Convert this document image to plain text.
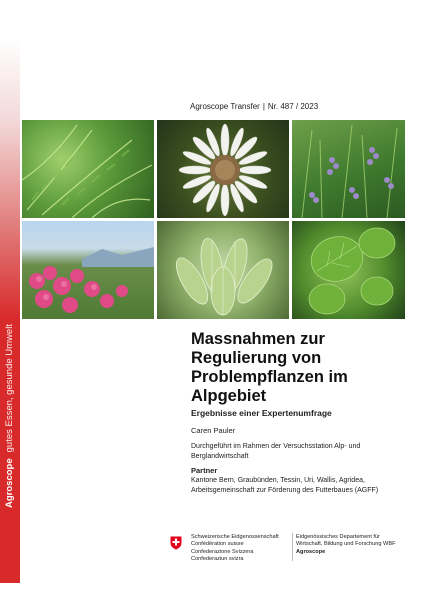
Agroscopegutes Essen, gesunde Umwelt
Agroscope Transfer | Nr. 487 / 2023
Massnahmen zur Regulierung von Problempflanzen im Alpgebiet
Ergebnisse einer Expertenumfrage
Caren Pauler
Durchgeführt im Rahmen der Versuchsstation Alp- und Berglandwirtschaft
Partner
Kantone Bern, Graubünden, Tessin, Uri, Wallis, Agridea, Arbeitsgemeinschaft zur Förderung des Futterbaues (AGFF)
Schweizerische Eidgenossenschaft
Confédération suisse
Confederazione Svizzera
Confederaziun svizra
Eidgenössisches Departement für
Wirtschaft, Bildung und Forschung WBF
Agroscope
